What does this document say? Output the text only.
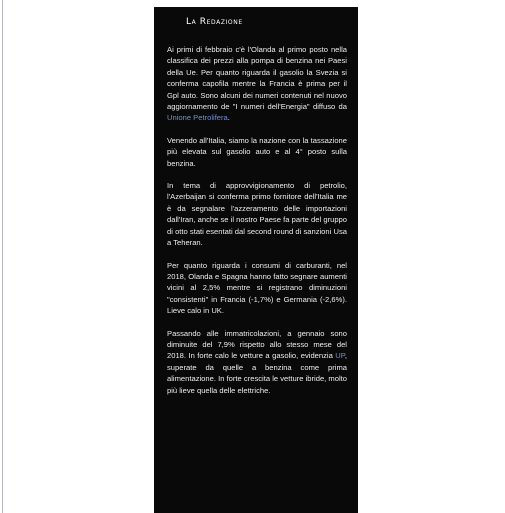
La Redazione

Ai primi di febbraio c'è l'Olanda al primo posto nella classifica dei prezzi alla pompa di benzina nei Paesi della Ue. Per quanto riguarda il gasolio la Svezia si conferma capofila mentre la Francia è prima per il Gpl auto. Sono alcuni dei numeri contenuti nel nuovo aggiornamento de "I numeri dell'Energia" diffuso da Unione Petrolifera.

Venendo all'Italia, siamo la nazione con la tassazione più elevata sul gasolio auto e al 4° posto sulla benzina.

In tema di approvvigionamento di petrolio, l'Azerbaijan si conferma primo fornitore dell'Italia me è da segnalare l'azzeramento delle importazioni dall'Iran, anche se il nostro Paese fa parte del gruppo di otto stati esentati dal second round di sanzioni Usa a Teheran.

Per quanto riguarda i consumi di carburanti, nel 2018, Olanda e Spagna hanno fatto segnare aumenti vicini al 2,5% mentre si registrano diminuzioni "consistenti" in Francia (-1,7%) e Germania (-2,6%). Lieve calo in UK.

Passando alle immatricolazioni, a gennaio sono diminuite del 7,9% rispetto allo stesso mese del 2018. In forte calo le vetture a gasolio, evidenzia UP, superate da quelle a benzina come prima alimentazione. In forte crescita le vetture ibride, molto più lieve quella delle elettriche.
